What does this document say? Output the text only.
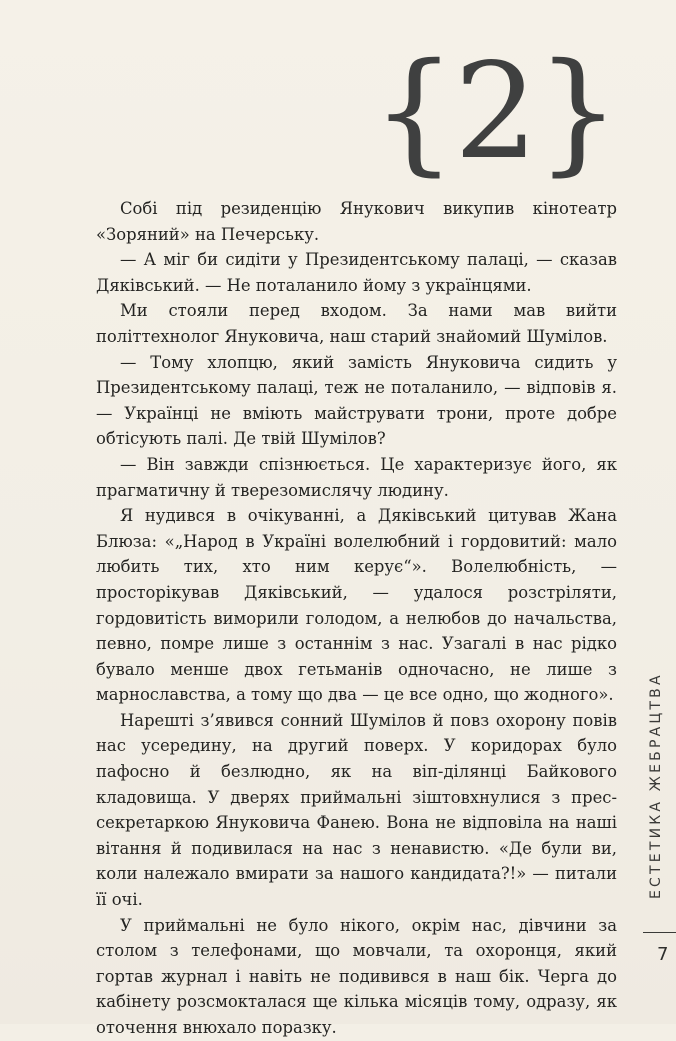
{2}

Собі під резиденцію Янукович викупив кінотеатр «Зоряний» на Печерську.

— А міг би сидіти у Президентському палаці, — сказав Дяківський. — Не поталанило йому з українцями.

Ми стояли перед входом. За нами мав вийти політтехнолог Януковича, наш старий знайомий Шумілов.

— Тому хлопцю, який замість Януковича сидить у Президентському палаці, теж не поталанило, — відповів я. — Українці не вміють майструвати трони, проте добре обтісують палі. Де твій Шумілов?

— Він завжди спізнюється. Це характеризує його, як прагматичну й тверезомислячу людину.

Я нудився в очікуванні, а Дяківський цитував Жана Блюза: «„Народ в Україні волелюбний і гордовитий: мало любить тих, хто ним керує“». Волелюбність, — просторікував Дяківський, — удалося розстріляти, гордовитість виморили голодом, а нелюбов до начальства, певно, помре лише з останнім з нас. Узагалі в нас рідко бувало менше двох гетьманів одночасно, не лише з марнославства, а тому що два — це все одно, що жодного».

Нарешті з’явився сонний Шумілов й повз охорону повів нас усередину, на другий поверх. У коридорах було пафосно й безлюдно, як на віп-ділянці Байкового кладовища. У дверях приймальні зіштовхнулися з прес-секретаркою Януковича Фанею. Вона не відповіла на наші вітання й подивилася на нас з ненавистю. «Де були ви, коли належало вмирати за нашого кандидата?!» — питали її очі.

У приймальні не було нікого, окрім нас, дівчини за столом з телефонами, що мовчали, та охоронця, який гортав журнал і навіть не подивився в наш бік. Черга до кабінету розсмокталася ще кілька місяців тому, одразу, як оточення внюхало поразку.

ЕСТЕТИКА ЖЕБРАЦТВА
7
